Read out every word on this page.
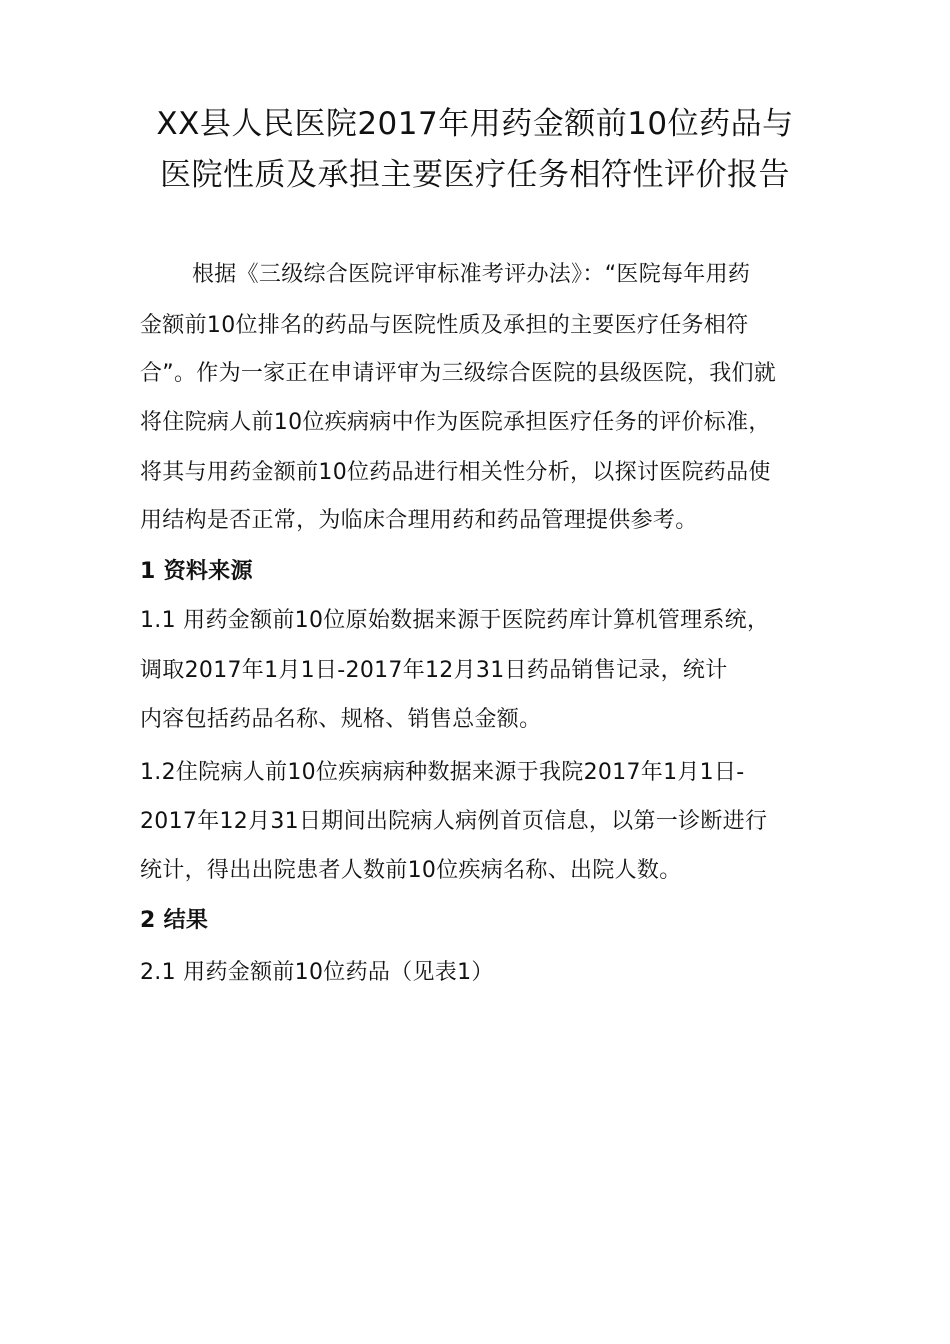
XX县人民医院2017年用药金额前10位药品与
医院性质及承担主要医疗任务相符性评价报告
根据《三级综合医院评审标准考评办法》：“医院每年用药
金额前10位排名的药品与医院性质及承担的主要医疗任务相符
合”。作为一家正在申请评审为三级综合医院的县级医院，我们就
将住院病人前10位疾病病中作为医院承担医疗任务的评价标准，
将其与用药金额前10位药品进行相关性分析，以探讨医院药品使
用结构是否正常，为临床合理用药和药品管理提供参考。
1 资料来源
1.1 用药金额前10位原始数据来源于医院药库计算机管理系统，
调取2017年1月1日-2017年12月31日药品销售记录，统计
内容包括药品名称、规格、销售总金额。
1.2住院病人前10位疾病病种数据来源于我院2017年1月1日-
2017年12月31日期间出院病人病例首页信息，以第一诊断进行
统计，得出出院患者人数前10位疾病名称、出院人数。
2 结果
2.1 用药金额前10位药品（见表1）
